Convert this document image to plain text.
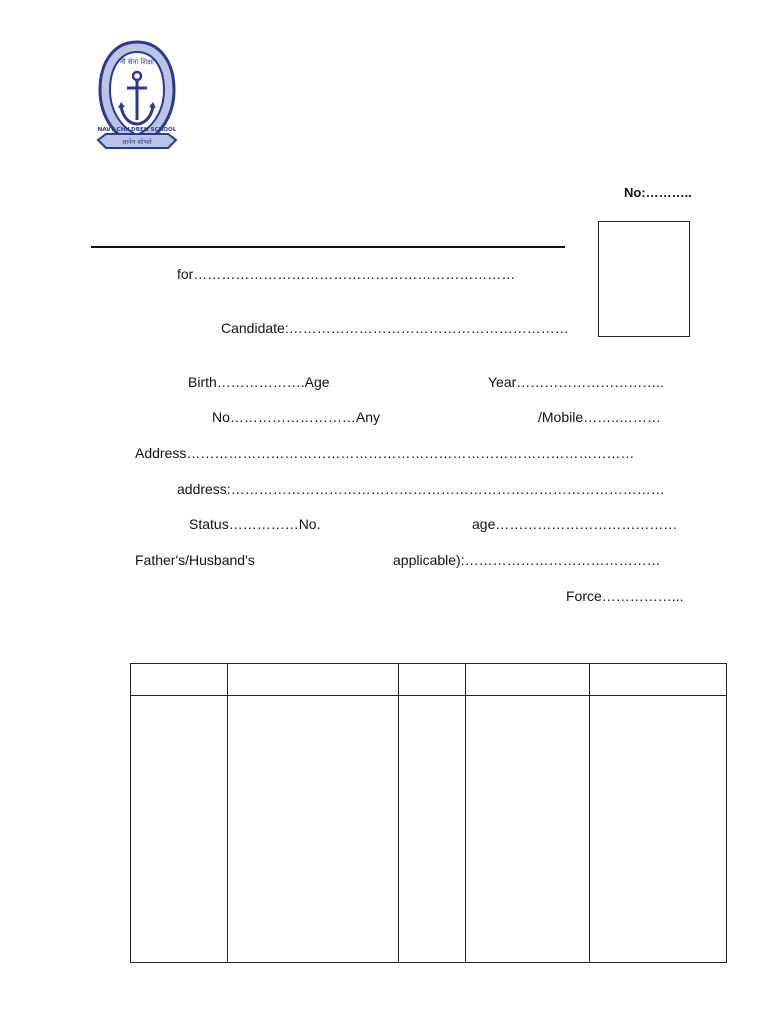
नौ सेना शिक्षा
NAVY CHILDREN SCHOOL
ज्ञानेन शोभते
No:………..
for……………………………………………………………
Candidate:……………………………………………………
Birth……………….Age	Year…………………………..
No………………………Any	/Mobile……..………
Address……………………………………………………………………………………
address:…………………………………………………………………………………
Status……………No.	age…………………………………
Father's/Husband's	applicable):……………………………………
Force……………...
